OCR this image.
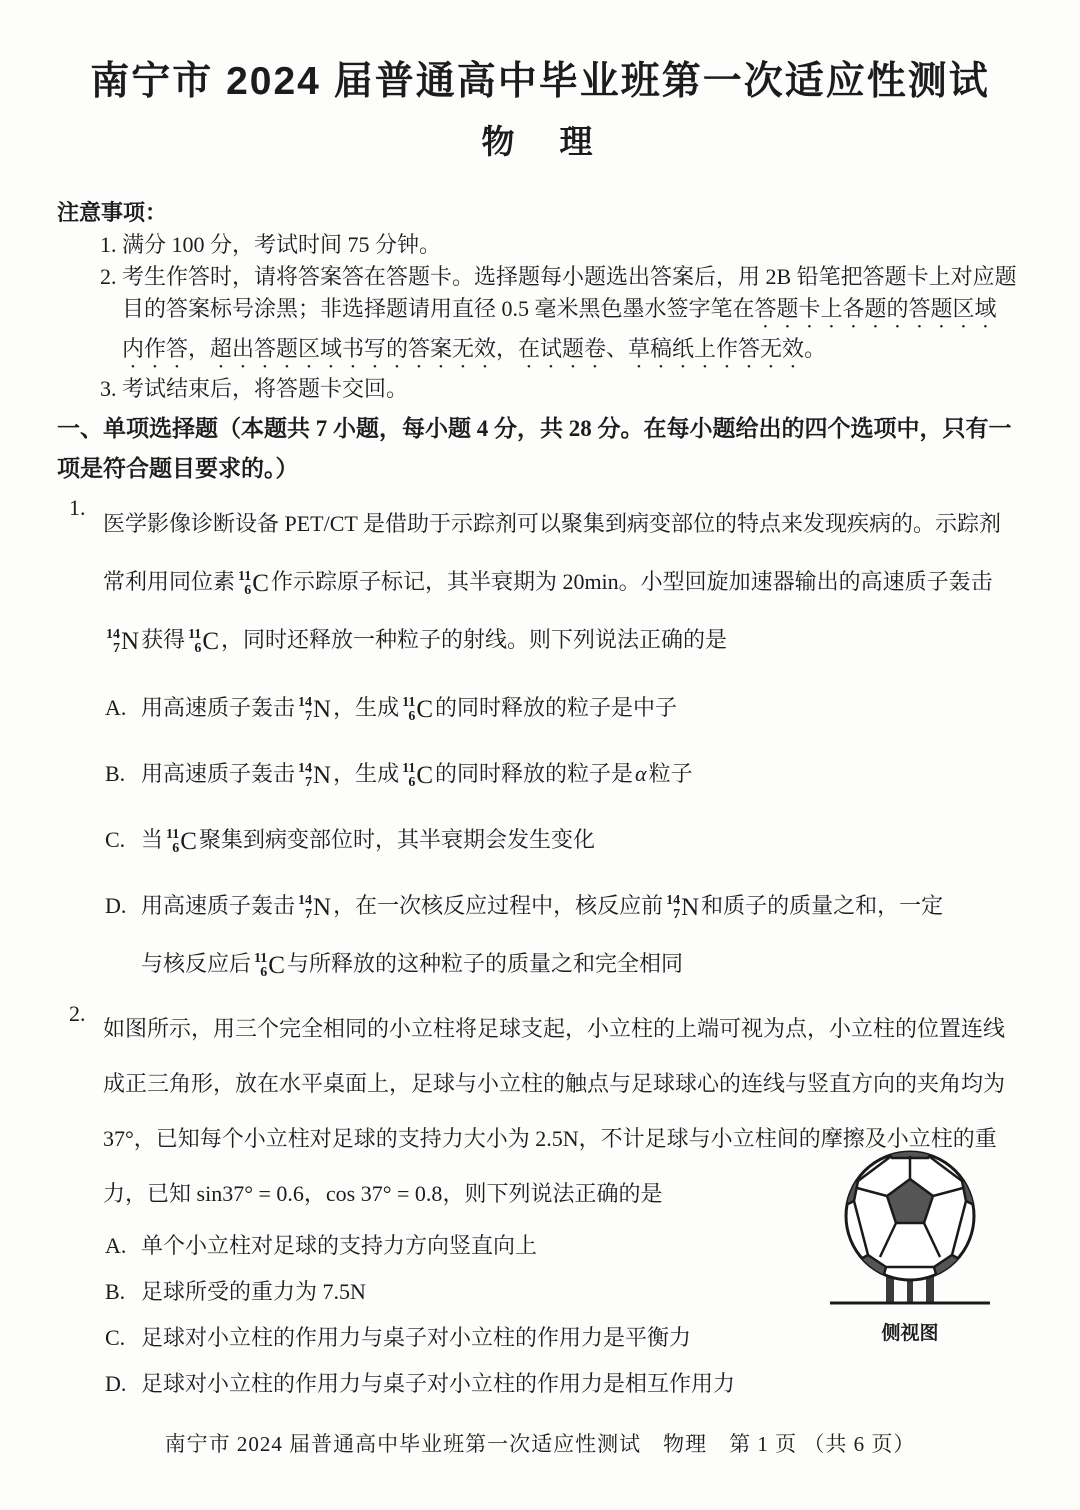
南宁市 2024 届普通高中毕业班第一次适应性测试
物　理
注意事项：
1. 满分 100 分，考试时间 75 分钟。
2. 考生作答时，请将答案答在答题卡。选择题每小题选出答案后，用 2B 铅笔把答题卡上对应题目的答案标号涂黑；非选择题请用直径 0.5 毫米黑色墨水签字笔在答题卡上各题的答题区域内作答，超出答题区域书写的答案无效，在试题卷、草稿纸上作答无效。
3. 考试结束后，将答题卡交回。
一、单项选择题（本题共 7 小题，每小题 4 分，共 28 分。在每小题给出的四个选项中，只有一项是符合题目要求的。）
1.
医学影像诊断设备 PET/CT 是借助于示踪剂可以聚集到病变部位的特点来发现疾病的。示踪剂常利用同位素 11
6 C 作示踪原子标记，其半衰期为 20min。小型回旋加速器输出的高速质子轰击
14
7 N 获得 11
6 C ，同时还释放一种粒子的射线。则下列说法正确的是
A. 用高速质子轰击 14
7 N ，生成 11
6 C 的同时释放的粒子是中子
B. 用高速质子轰击 14
7 N ，生成 11
6 C 的同时释放的粒子是α粒子
C. 当 11
6 C 聚集到病变部位时，其半衰期会发生变化
D. 用高速质子轰击 14
7 N ，在一次核反应过程中，核反应前 14
7 N 和质子的质量之和，一定与核反应后 11
6 C 与所释放的这种粒子的质量之和完全相同
2.
如图所示，用三个完全相同的小立柱将足球支起，小立柱的上端可视为点，小立柱的位置连线成正三角形，放在水平桌面上，足球与小立柱的触点与足球球心的连线与竖直方向的夹角均为 37°，已知每个小立柱对足球的支持力大小为 2.5N，不计足球与小立柱间的摩擦及小立柱的重力，已知 sin37° = 0.6，cos 37° = 0.8，则下列说法正确的是
A. 单个小立柱对足球的支持力方向竖直向上
B. 足球所受的重力为 7.5N
C. 足球对小立柱的作用力与桌子对小立柱的作用力是平衡力
D. 足球对小立柱的作用力与桌子对小立柱的作用力是相互作用力
侧视图
南宁市 2024 届普通高中毕业班第一次适应性测试　物理　第 1 页 （共 6 页）
